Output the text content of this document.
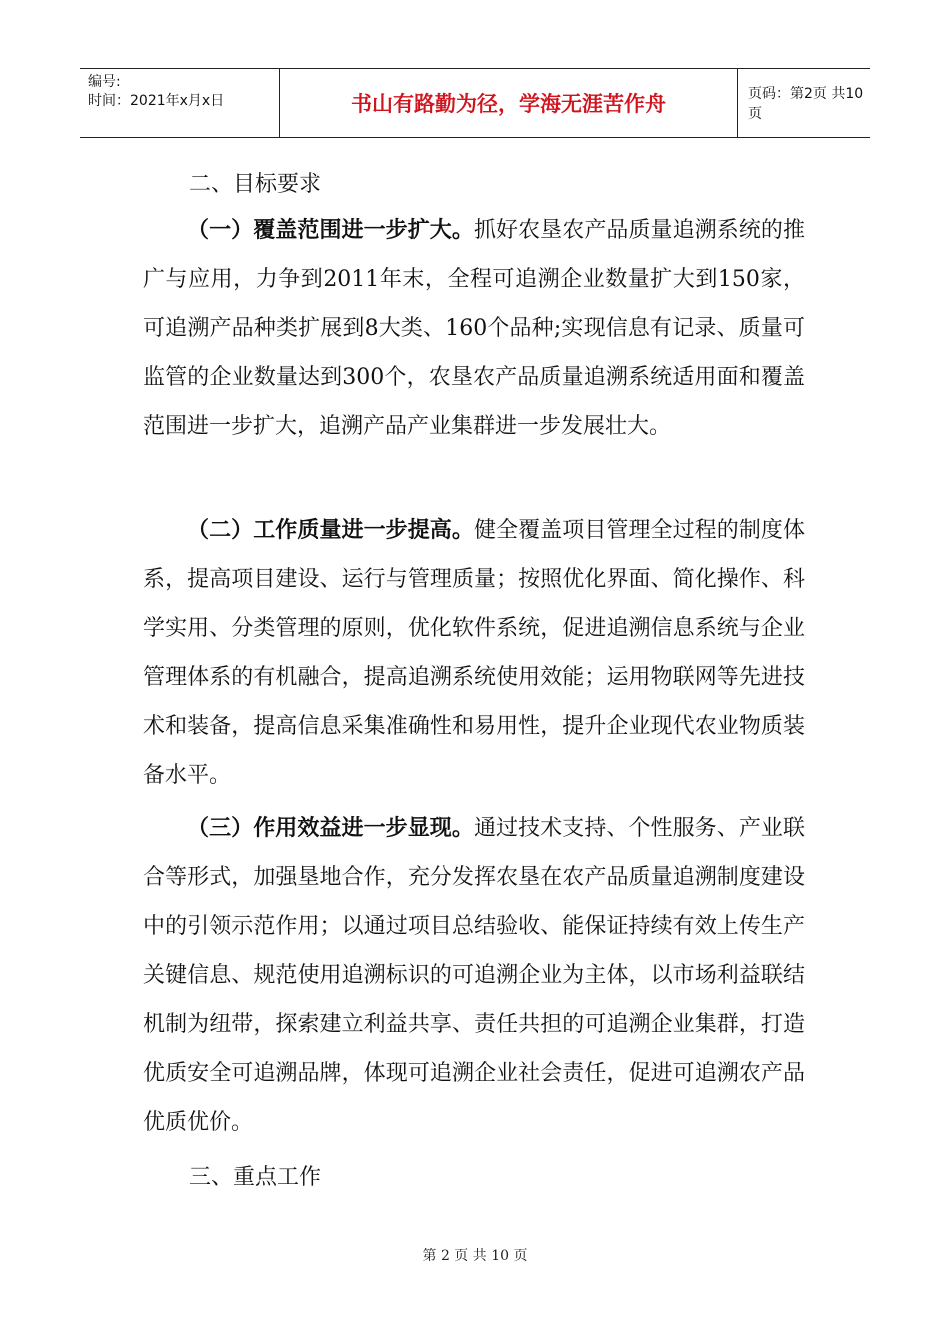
编号:
时间：2021年x月x日	书山有路勤为径，学海无涯苦作舟	页码：第2页 共10页
二、目标要求

（一）覆盖范围进一步扩大。抓好农垦农产品质量追溯系统的推广与应用，力争到2011年末，全程可追溯企业数量扩大到150家，可追溯产品种类扩展到8大类、160个品种;实现信息有记录、质量可监管的企业数量达到300个，农垦农产品质量追溯系统适用面和覆盖范围进一步扩大，追溯产品产业集群进一步发展壮大。

（二）工作质量进一步提高。健全覆盖项目管理全过程的制度体系，提高项目建设、运行与管理质量；按照优化界面、简化操作、科学实用、分类管理的原则，优化软件系统，促进追溯信息系统与企业管理体系的有机融合，提高追溯系统使用效能；运用物联网等先进技术和装备，提高信息采集准确性和易用性，提升企业现代农业物质装备水平。

（三）作用效益进一步显现。通过技术支持、个性服务、产业联合等形式，加强垦地合作，充分发挥农垦在农产品质量追溯制度建设中的引领示范作用；以通过项目总结验收、能保证持续有效上传生产关键信息、规范使用追溯标识的可追溯企业为主体，以市场利益联结机制为纽带，探索建立利益共享、责任共担的可追溯企业集群，打造优质安全可追溯品牌，体现可追溯企业社会责任，促进可追溯农产品优质优价。

三、重点工作
第 2 页 共 10 页
